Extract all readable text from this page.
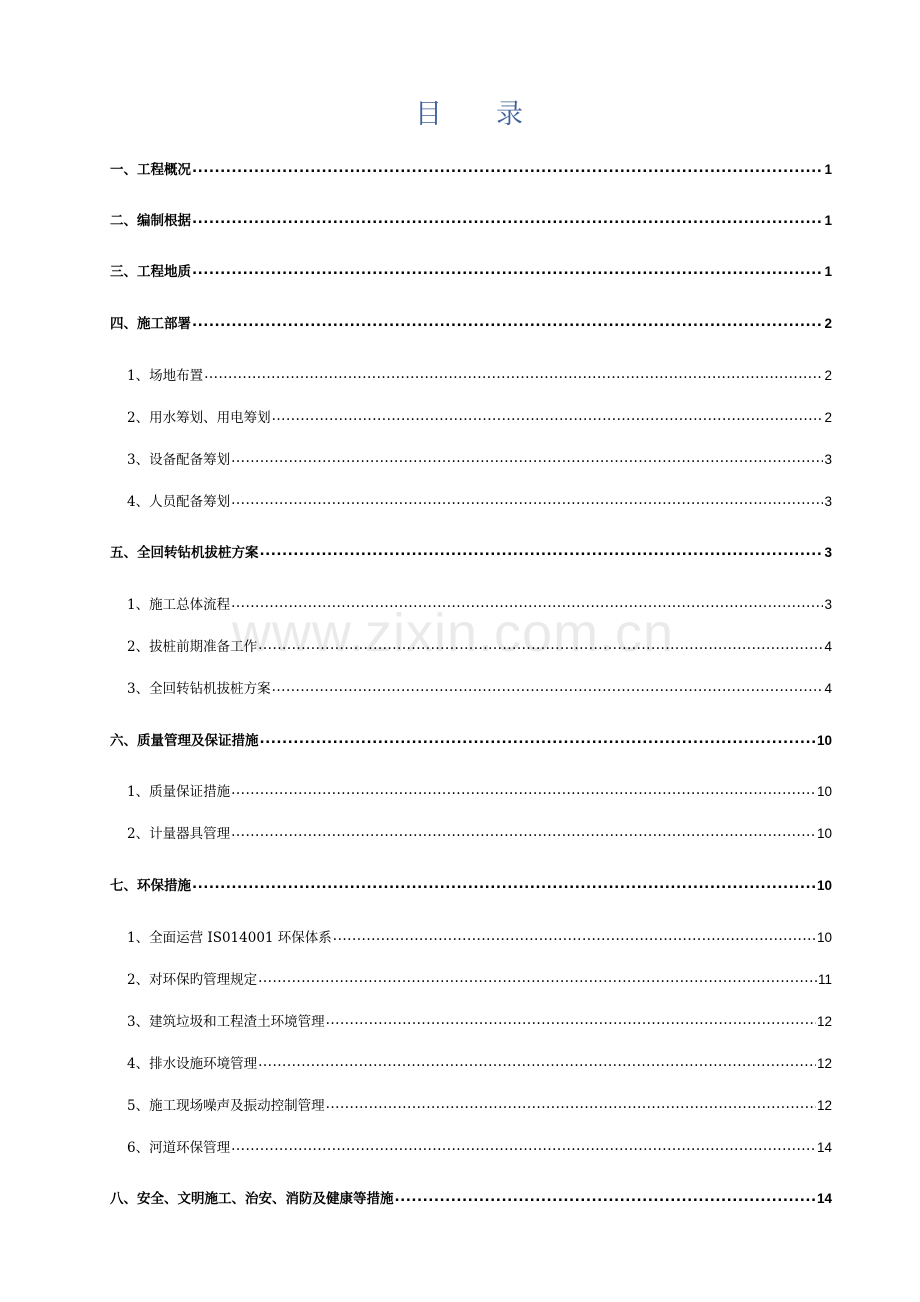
目 录
www.zixin.com.cn
一、工程概况 .....	1
二、编制根据 .....	1
三、工程地质 .....	1
四、施工部署 .....	2
1、场地布置 .....	2
2、用水筹划、用电筹划 .....	2
3、设备配备筹划 .....	3
4、人员配备筹划 .....	3
五、全回转钻机拔桩方案 .....	3
1、施工总体流程 .....	3
2、拔桩前期准备工作 .....	4
3、全回转钻机拔桩方案 .....	4
六、质量管理及保证措施 .....	10
1、质量保证措施 .....	10
2、计量器具管理 .....	10
七、环保措施 .....	10
1、全面运营 IS014001 环保体系 .....	10
2、对环保旳管理规定 .....	11
3、建筑垃圾和工程渣土环境管理 .....	12
4、排水设施环境管理 .....	12
5、施工现场噪声及振动控制管理 .....	12
6、河道环保管理 .....	14
八、安全、文明施工、治安、消防及健康等措施 .....	14
